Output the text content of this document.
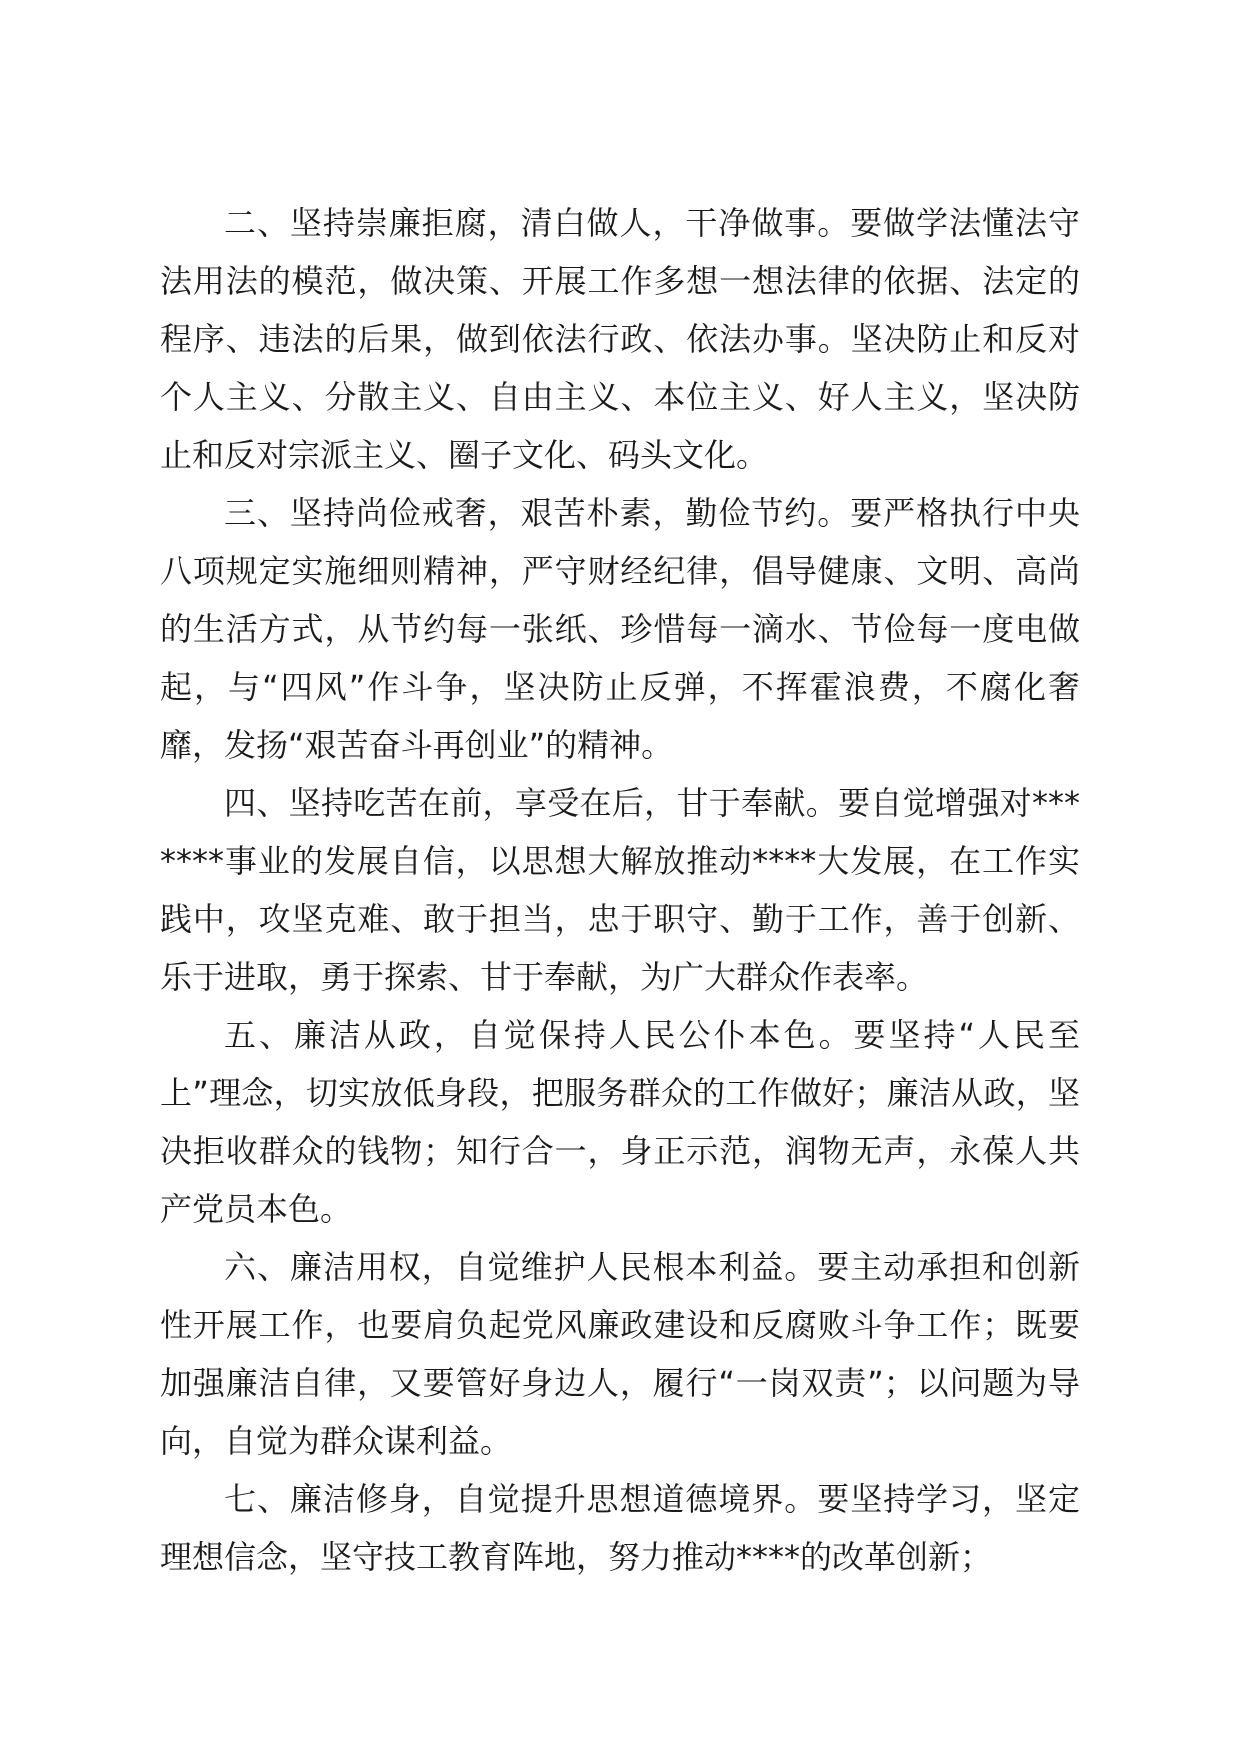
二、坚持崇廉拒腐，清白做人，干净做事。要做学法懂法守法用法的模范，做决策、开展工作多想一想法律的依据、法定的程序、违法的后果，做到依法行政、依法办事。坚决防止和反对个人主义、分散主义、自由主义、本位主义、好人主义，坚决防止和反对宗派主义、圈子文化、码头文化。

三、坚持尚俭戒奢，艰苦朴素，勤俭节约。要严格执行中央八项规定实施细则精神，严守财经纪律，倡导健康、文明、高尚的生活方式，从节约每一张纸、珍惜每一滴水、节俭每一度电做起，与“四风”作斗争，坚决防止反弹，不挥霍浪费，不腐化奢靡，发扬“艰苦奋斗再创业”的精神。

四、坚持吃苦在前，享受在后，甘于奉献。要自觉增强对*******事业的发展自信，以思想大解放推动****大发展，在工作实践中，攻坚克难、敢于担当，忠于职守、勤于工作，善于创新、乐于进取，勇于探索、甘于奉献，为广大群众作表率。

五、廉洁从政，自觉保持人民公仆本色。要坚持“人民至上”理念，切实放低身段，把服务群众的工作做好；廉洁从政，坚决拒收群众的钱物；知行合一，身正示范，润物无声，永葆人共产党员本色。

六、廉洁用权，自觉维护人民根本利益。要主动承担和创新性开展工作，也要肩负起党风廉政建设和反腐败斗争工作；既要加强廉洁自律，又要管好身边人，履行“一岗双责”；以问题为导向，自觉为群众谋利益。

七、廉洁修身，自觉提升思想道德境界。要坚持学习，坚定理想信念，坚守技工教育阵地，努力推动****的改革创新；
